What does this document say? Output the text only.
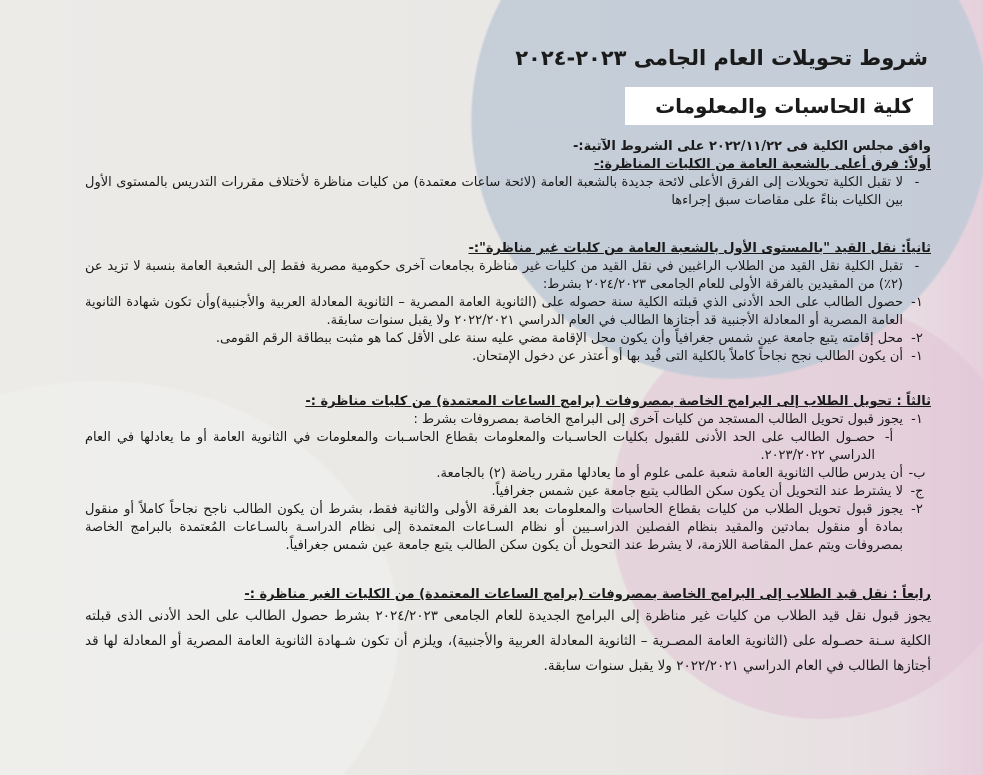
شروط تحويلات العام الجامى ٢٠٢٣-٢٠٢٤
كلية الحاسبات والمعلومات
وافق مجلس الكلية فى ٢٠٢٢/١١/٢٢ على الشروط الآتية:-
أولاً: فرق أعلى بالشعبة العامة من الكليات المناظرة:-
-
لا تقبل الكلية تحويلات إلى الفرق الأعلى لائحة جديدة بالشعبة العامة (لائحة ساعات معتمدة) من كليات مناظرة لأختلاف مقررات التدريس بالمستوى الأول بين الكليات بناءً على مقاصات سبق إجراءها
ثانياً: نقل القيد "بالمستوى الأول بالشعبة العامة من كليات غير مناظرة":-
-
تقبل الكلية نقل القيد من الطلاب الراغبين في نقل القيد من كليات غير مناظرة بجامعات آخرى حكومية مصرية فقط إلى الشعبة العامة بنسبة لا تزيد عن (٢٪) من المقيدين بالفرقة الأولى للعام الجامعى ٢٠٢٤/٢٠٢٣ بشرط:
١-
حصول الطالب على الحد الأدنى الذي قبلته الكلية سنة حصوله على (الثانوية العامة المصرية – الثانوية المعادلة العربية والأجنبية)وأن تكون شهادة الثانوية العامة المصرية أو المعادلة الأجنبية قد أجتازها الطالب في العام الدراسي ٢٠٢٢/٢٠٢١ ولا يقبل سنوات سابقة.
٢-
محل إقامته يتبع جامعة عين شمس جغرافياً وأن يكون محل الإقامة مضي عليه سنة على الأقل كما هو مثبت ببطاقة الرقم القومى.
١-
أن يكون الطالب نجح نجاحاً كاملاً بالكلية التى قُيد بها أو أعتذر عن دخول الإمتحان.
ثالثاً : تحويل الطلاب إلى البرامج الخاصة بمصروفات (برامج الساعات المعتمدة) من كليات مناظرة :-
١-
يجوز قبول تحويل الطالب المستجد من كليات آخرى إلى البرامج الخاصة بمصروفات بشرط :
أ-
حصـول الطالب على الحد الأدنى للقبول بكليات الحاسـبات والمعلومات بقطاع الحاسـبات والمعلومات في الثانوية العامة أو ما يعادلها في العام الدراسي ٢٠٢٣/٢٠٢٢.
ب-
أن يدرس طالب الثانوية العامة شعبة علمى علوم أو ما يعادلها مقرر رياضة (٢) بالجامعة.
ج-
لا يشترط عند التحويل أن يكون سكن الطالب يتبع جامعة عين شمس جغرافياً.
٢-
يجوز قبول تحويل الطلاب من كليات بقطاع الحاسبات والمعلومات بعد الفرقة الأولى والثانية فقط، بشرط أن يكون الطالب ناجح نجاحاً كاملاً أو منقول بمادة أو منقول بمادتين والمقيد بنظام الفصلين الدراسـيين أو نظام السـاعات المعتمدة إلى نظام الدراسـة بالسـاعات المُعتمدة بالبرامج الخاصة بمصروفات ويتم عمل المقاصة اللازمة، لا يشرط عند التحويل أن يكون سكن الطالب يتبع جامعة عين شمس جغرافياً.
رابعاً : نقل قيد الطلاب إلى البرامج الخاصة بمصروفات (برامج الساعات المعتمدة) من الكليات الغير مناظرة :-
يجوز قبول نقل قيد الطلاب من كليات غير مناظرة إلى البرامج الجديدة للعام الجامعى ٢٠٢٤/٢٠٢٣ بشرط حصول الطالب على الحد الأدنى الذى قبلته الكلية سـنة حصـوله على (الثانوية العامة المصـرية – الثانوية المعادلة العربية والأجنبية)، ويلزم أن تكون شـهادة الثانوية العامة المصرية أو المعادلة لها قد أجتازها الطالب في العام الدراسي ٢٠٢٢/٢٠٢١ ولا يقبل سنوات سابقة.
